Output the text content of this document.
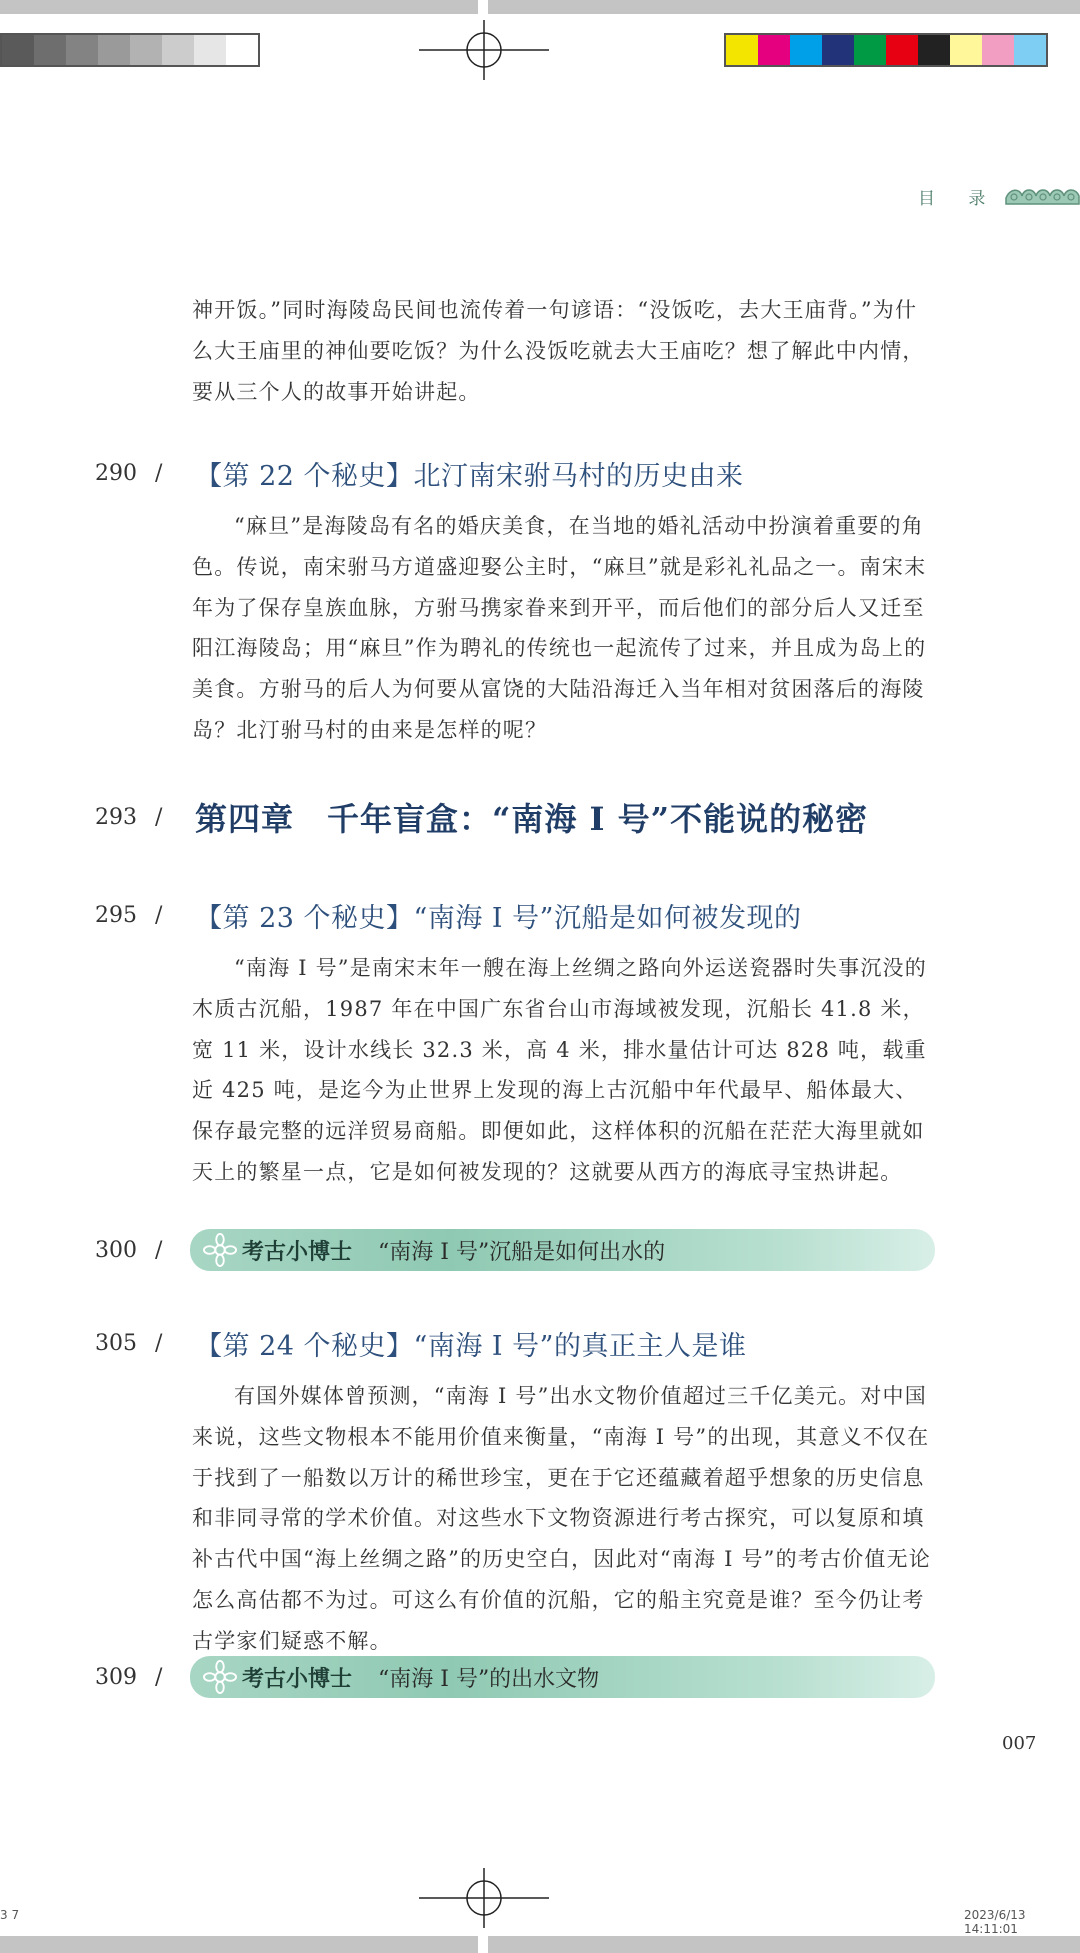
目 录

神开饭。”同时海陵岛民间也流传着一句谚语：“没饭吃，去大王庙背。”为什么大王庙里的神仙要吃饭？为什么没饭吃就去大王庙吃？想了解此中内情，要从三个人的故事开始讲起。

290 /	【第 22 个秘史】北汀南宋驸马村的历史由来

“麻旦”是海陵岛有名的婚庆美食，在当地的婚礼活动中扮演着重要的角色。传说，南宋驸马方道盛迎娶公主时，“麻旦”就是彩礼礼品之一。南宋末年为了保存皇族血脉，方驸马携家眷来到开平，而后他们的部分后人又迁至阳江海陵岛；用“麻旦”作为聘礼的传统也一起流传了过来，并且成为岛上的美食。方驸马的后人为何要从富饶的大陆沿海迁入当年相对贫困落后的海陵岛？北汀驸马村的由来是怎样的呢？

293 /	第四章　千年盲盒：“南海 I 号”不能说的秘密
295 /	【第 23 个秘史】“南海 I 号”沉船是如何被发现的

“南海 I 号”是南宋末年一艘在海上丝绸之路向外运送瓷器时失事沉没的木质古沉船，1987 年在中国广东省台山市海域被发现，沉船长 41.8 米，宽 11 米，设计水线长 32.3 米，高 4 米，排水量估计可达 828 吨，载重近 425 吨，是迄今为止世界上发现的海上古沉船中年代最早、船体最大、保存最完整的远洋贸易商船。即便如此，这样体积的沉船在茫茫大海里就如天上的繁星一点，它是如何被发现的？这就要从西方的海底寻宝热讲起。

300 /	考古小博士 “南海 I 号”沉船是如何出水的
305 /	【第 24 个秘史】“南海 I 号”的真正主人是谁

有国外媒体曾预测，“南海 I 号”出水文物价值超过三千亿美元。对中国来说，这些文物根本不能用价值来衡量，“南海 I 号”的出现，其意义不仅在于找到了一船数以万计的稀世珍宝，更在于它还蕴藏着超乎想象的历史信息和非同寻常的学术价值。对这些水下文物资源进行考古探究，可以复原和填补古代中国“海上丝绸之路”的历史空白，因此对“南海 I 号”的考古价值无论怎么高估都不为过。可这么有价值的沉船，它的船主究竟是谁？至今仍让考古学家们疑惑不解。

309 /	考古小博士 “南海 I 号”的出水文物
007
3 7	2023/6/13 14:11:01
